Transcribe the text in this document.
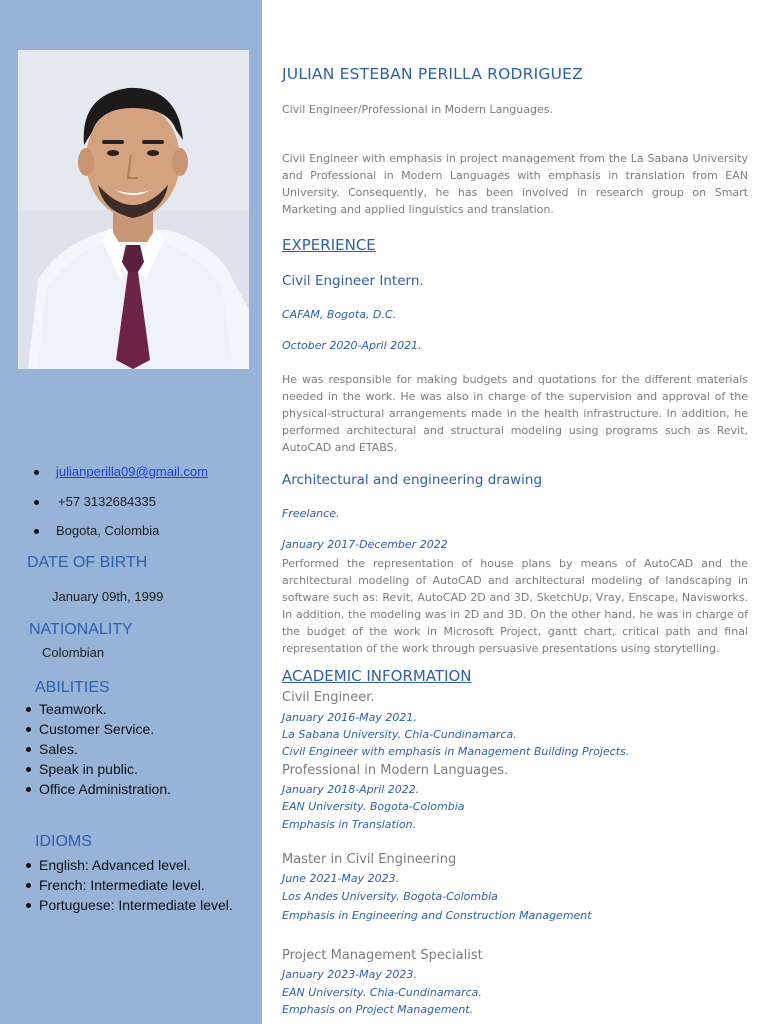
julianperilla09@gmail.com
+57 3132684335
Bogota, Colombia
DATE OF BIRTH
January 09th, 1999
NATIONALITY
Colombian
ABILITIES
Teamwork.
Customer Service.
Sales.
Speak in public.
Office Administration.
IDIOMS
English: Advanced level.
French: Intermediate level.
Portuguese: Intermediate level.
JULIAN ESTEBAN PERILLA RODRIGUEZ
Civil Engineer/Professional in Modern Languages.
Civil Engineer with emphasis in project management from the La Sabana University and Professional in Modern Languages with emphasis in translation from EAN University. Consequently, he has been involved in research group on Smart Marketing and applied linguistics and translation.
EXPERIENCE
Civil Engineer Intern.
CAFAM, Bogota, D.C.
October 2020-April 2021.
He was responsible for making budgets and quotations for the different materials needed in the work. He was also in charge of the supervision and approval of the physical-structural arrangements made in the health infrastructure. In addition, he performed architectural and structural modeling using programs such as Revit, AutoCAD and ETABS.
Architectural and engineering drawing
Freelance.
January 2017-December 2022
Performed the representation of house plans by means of AutoCAD and the architectural modeling of AutoCAD and architectural modeling of landscaping in software such as: Revit, AutoCAD 2D and 3D, SketchUp, Vray, Enscape, Navisworks. In addition, the modeling was in 2D and 3D. On the other hand, he was in charge of the budget of the work in Microsoft Project, gantt chart, critical path and final representation of the work through persuasive presentations using storytelling.
ACADEMIC INFORMATION
Civil Engineer.
January 2016-May 2021.
La Sabana University. Chia-Cundinamarca.
Civil Engineer with emphasis in Management Building Projects.
Professional in Modern Languages.
January 2018-April 2022.
EAN University. Bogota-Colombia
Emphasis in Translation.
Master in Civil Engineering
June 2021-May 2023.
Los Andes University. Bogota-Colombia
Emphasis in Engineering and Construction Management
Project Management Specialist
January 2023-May 2023.
EAN University. Chia-Cundinamarca.
Emphasis on Project Management.
